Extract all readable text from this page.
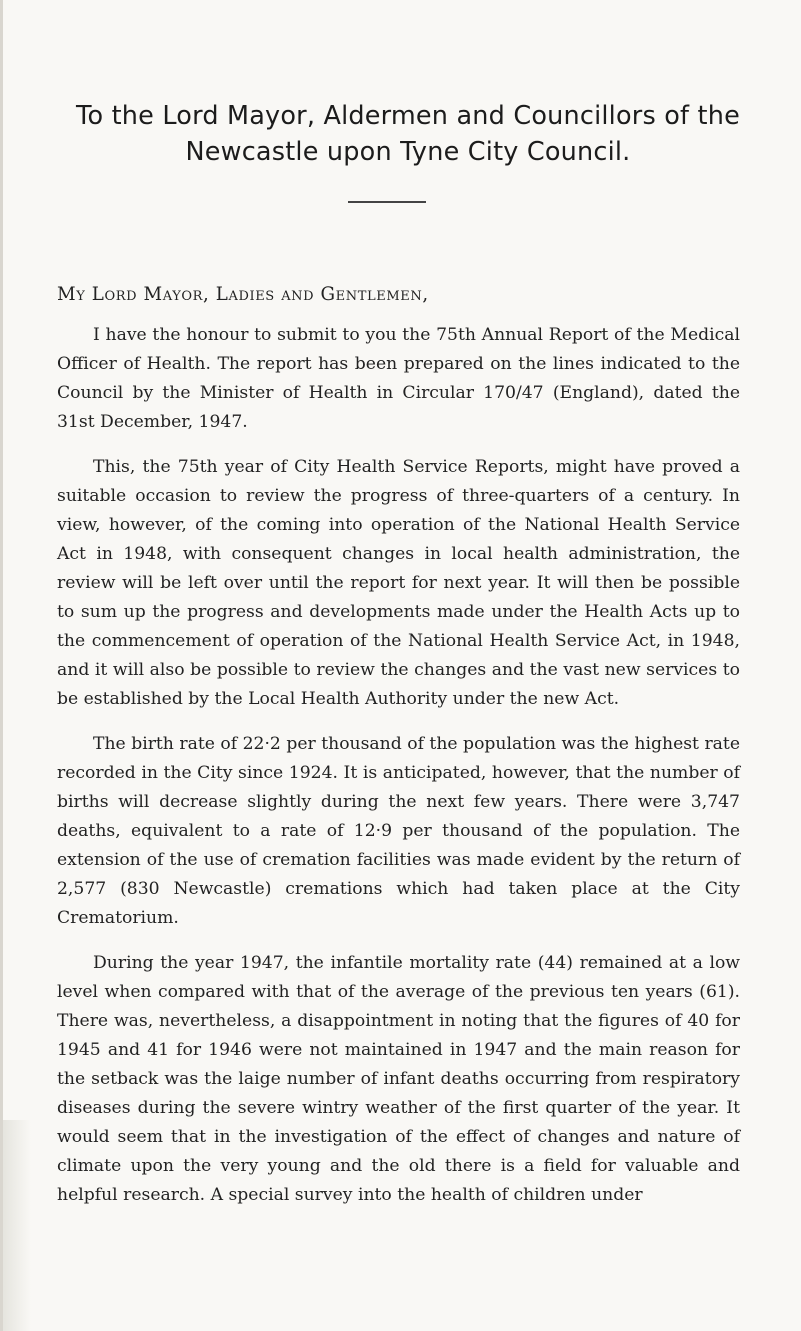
To the Lord Mayor, Aldermen and Councillors of the
Newcastle upon Tyne City Council.

My Lord Mayor, Ladies and Gentlemen,

I have the honour to submit to you the 75th Annual Report of the Medical Officer of Health. The report has been prepared on the lines indicated to the Council by the Minister of Health in Circular 170/47 (England), dated the 31st December, 1947.

This, the 75th year of City Health Service Reports, might have proved a suitable occasion to review the progress of three-quarters of a century. In view, however, of the coming into operation of the National Health Service Act in 1948, with consequent changes in local health administration, the review will be left over until the report for next year. It will then be possible to sum up the progress and developments made under the Health Acts up to the commencement of operation of the National Health Service Act, in 1948, and it will also be possible to review the changes and the vast new services to be established by the Local Health Authority under the new Act.

The birth rate of 22·2 per thousand of the population was the highest rate recorded in the City since 1924. It is anticipated, however, that the number of births will decrease slightly during the next few years. There were 3,747 deaths, equivalent to a rate of 12·9 per thousand of the population. The extension of the use of cremation facilities was made evident by the return of 2,577 (830 Newcastle) cremations which had taken place at the City Crematorium.

During the year 1947, the infantile mortality rate (44) remained at a low level when compared with that of the average of the previous ten years (61). There was, nevertheless, a disappointment in noting that the figures of 40 for 1945 and 41 for 1946 were not maintained in 1947 and the main reason for the setback was the laige number of infant deaths occurring from respiratory diseases during the severe wintry weather of the first quarter of the year. It would seem that in the investigation of the effect of changes and nature of climate upon the very young and the old there is a field for valuable and helpful research. A special survey into the health of children under
